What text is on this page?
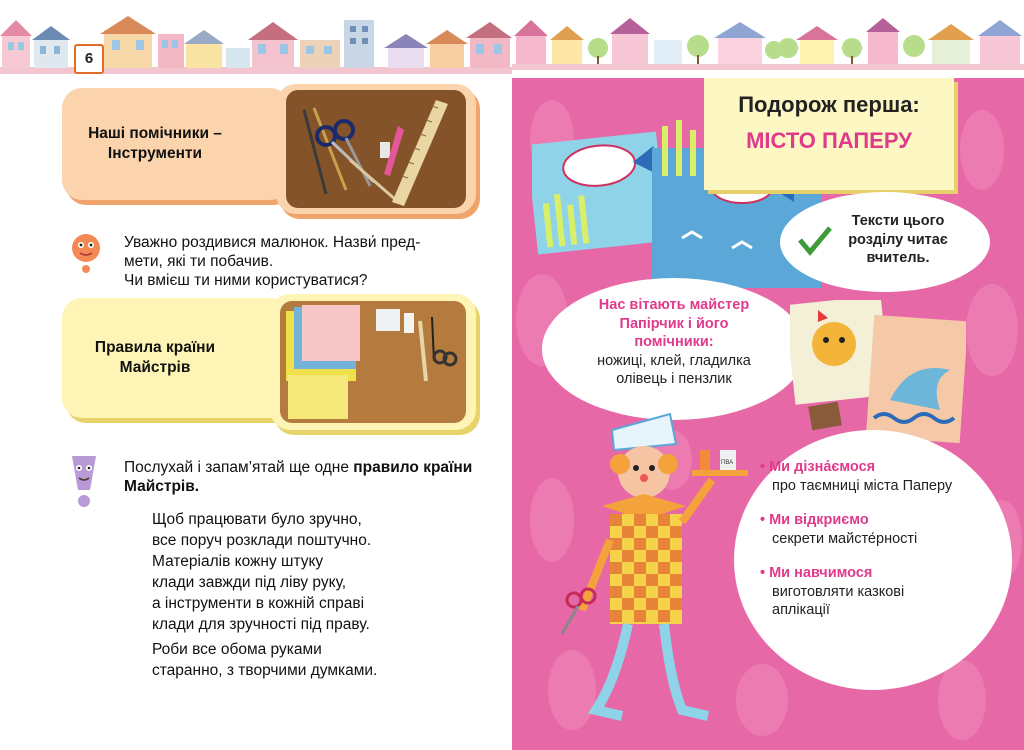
6
Наші помічники – Інструменти

Уважно роздивися малюнок. Назви́ пред-

мети, які ти побачив.

Чи вмієш ти ними користуватися?

Правила країни Майстрів
Послухай і запам’ятай ще одне правило країни Майстрів.
Щоб працювати було зручно,
все поруч розклади поштучно.
Матеріалів кожну штуку
клади завжди під ліву руку,
а інструменти в кожній справі
клади для зручності під праву.
Роби все обома руками
старанно, з творчими думками.
Подорож перша:
МІСТО ПАПЕРУ
Тексти цього розділу читає вчитель.
Нас вітають майстер Папірчик і його помічники:
ножиці, клей, гладилка олівець і пензлик
• Ми дізна́ємося
про таємниці міста Паперу
• Ми відкриємо
секрети майсте́рності
• Ми навчимося
виготовляти казкові аплікації
ПВА
